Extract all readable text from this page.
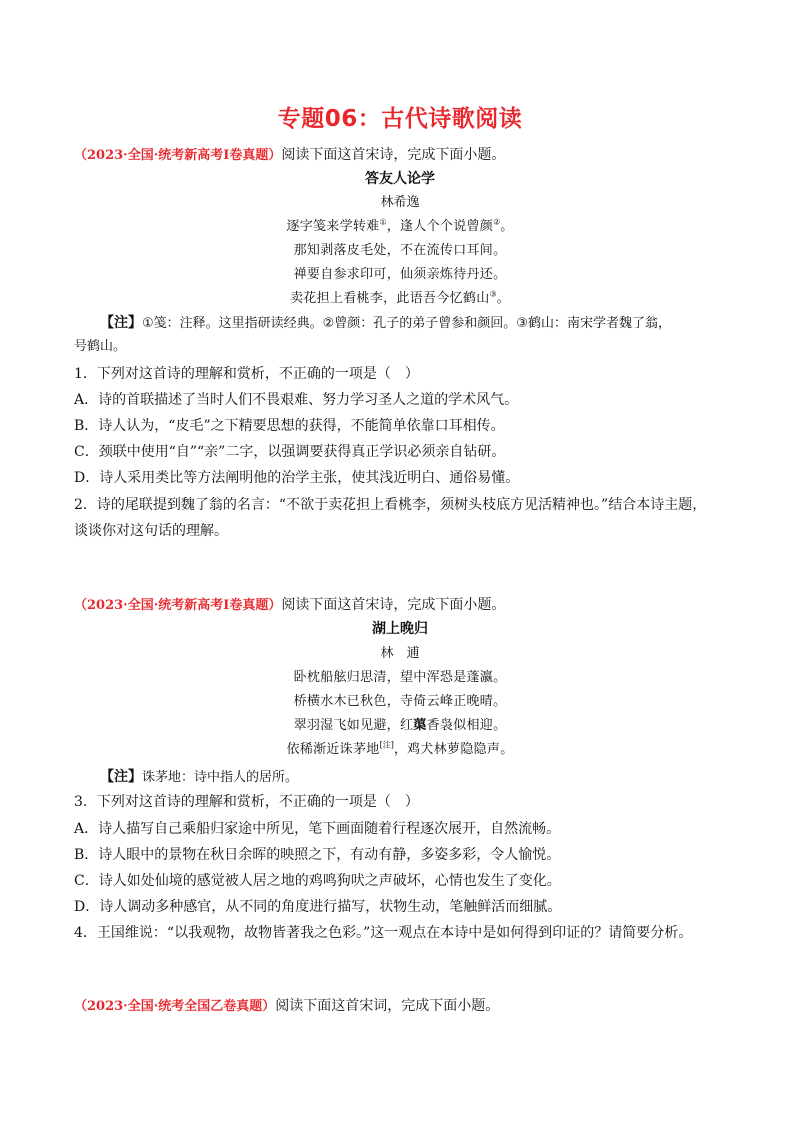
专题06：古代诗歌阅读
（2023·全国·统考新高考Ⅰ卷真题）阅读下面这首宋诗，完成下面小题。
答友人论学
林希逸
逐字笺来学转难①，逢人个个说曾颜②。
那知剥落皮毛处，不在流传口耳间。
禅要自参求印可，仙须亲炼待丹还。
卖花担上看桃李，此语吾今忆鹤山③。
【注】①笺：注释。这里指研读经典。②曾颜：孔子的弟子曾参和颜回。③鹤山：南宋学者魏了翁，
号鹤山。
1．下列对这首诗的理解和赏析，不正确的一项是（　）
A．诗的首联描述了当时人们不畏艰难、努力学习圣人之道的学术风气。
B．诗人认为，“皮毛”之下精要思想的获得，不能简单依靠口耳相传。
C．颈联中使用“自”“亲”二字，以强调要获得真正学识必须亲自钻研。
D．诗人采用类比等方法阐明他的治学主张，使其浅近明白、通俗易懂。
2．诗的尾联提到魏了翁的名言：“不欲于卖花担上看桃李，须树头枝底方见活精神也。”结合本诗主题，
谈谈你对这句话的理解。
（2023·全国·统考新高考Ⅰ卷真题）阅读下面这首宋诗，完成下面小题。
湖上晚归
林　逋
卧枕船舷归思清，望中浑恐是蓬瀛。
桥横水木已秋色，寺倚云峰正晚晴。
翠羽湿飞如见避，红蕖香袅似相迎。
依稀渐近诛茅地[注]，鸡犬林萝隐隐声。
【注】诛茅地：诗中指人的居所。
3．下列对这首诗的理解和赏析，不正确的一项是（　）
A．诗人描写自己乘船归家途中所见，笔下画面随着行程逐次展开，自然流畅。
B．诗人眼中的景物在秋日余晖的映照之下，有动有静，多姿多彩，令人愉悦。
C．诗人如处仙境的感觉被人居之地的鸡鸣狗吠之声破坏，心情也发生了变化。
D．诗人调动多种感官，从不同的角度进行描写，状物生动，笔触鲜活而细腻。
4．王国维说：“以我观物，故物皆著我之色彩。”这一观点在本诗中是如何得到印证的？请简要分析。
（2023·全国·统考全国乙卷真题）阅读下面这首宋词，完成下面小题。
